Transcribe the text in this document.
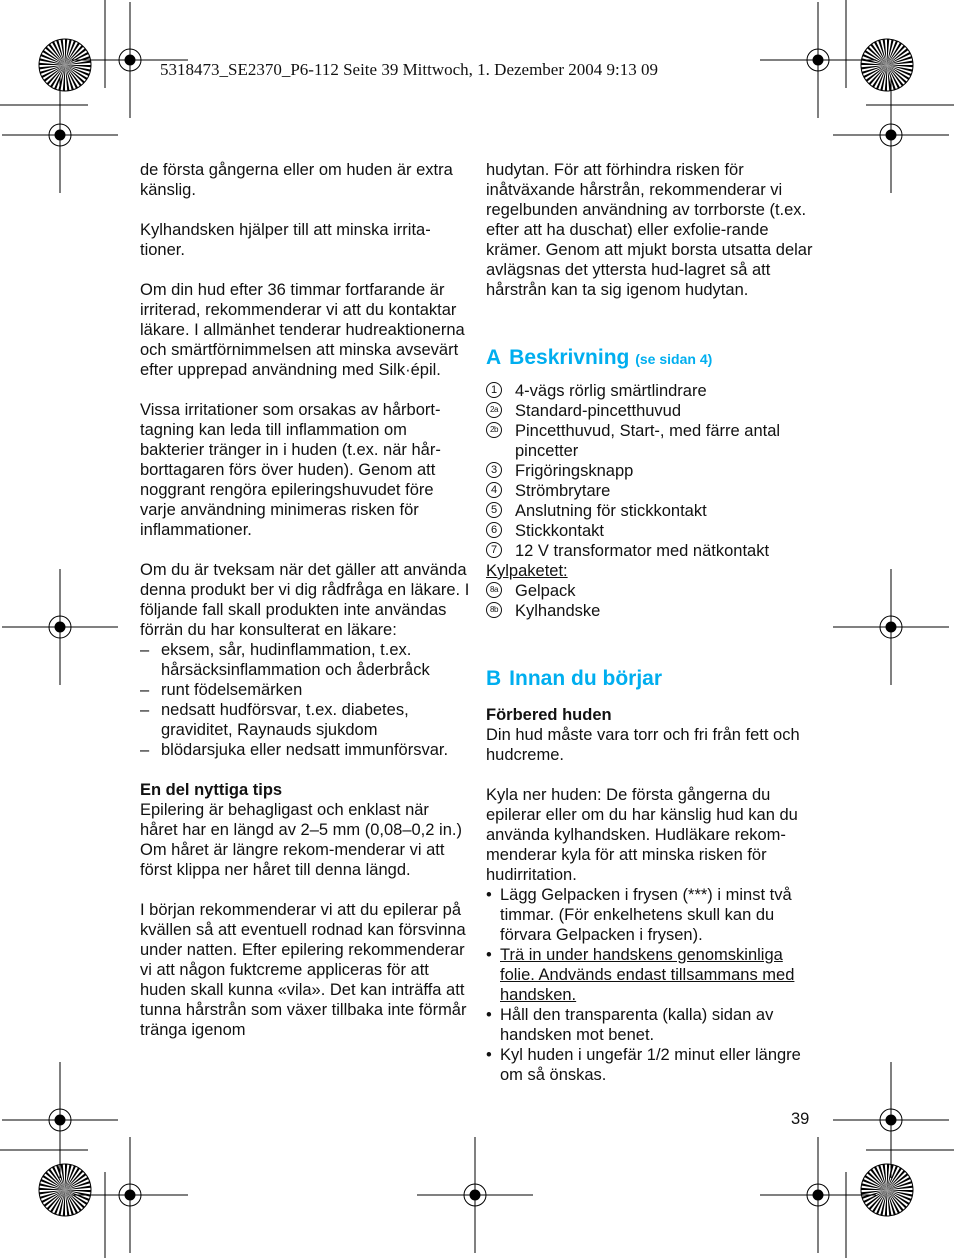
5318473_SE2370_P6-112 Seite 39 Mittwoch, 1. Dezember 2004 9:13 09

de första gångerna eller om huden är extra känslig.

Kylhandsken hjälper till att minska irrita-tioner.

Om din hud efter 36 timmar fortfarande är irriterad, rekommenderar vi att du kontaktar läkare. I allmänhet tenderar hudreaktionerna och smärtförnimmelsen att minska avsevärt efter upprepad användning med Silk·épil.

Vissa irritationer som orsakas av hårbort-tagning kan leda till inflammation om bakterier tränger in i huden (t.ex. när hår-borttagaren förs över huden). Genom att noggrant rengöra epileringshuvudet före varje användning minimeras risken för inflammationer.

Om du är tveksam när det gäller att använda denna produkt ber vi dig rådfråga en läkare. I följande fall skall produkten inte användas förrän du har konsulterat en läkare:

– eksem, sår, hudinflammation, t.ex. hårsäcksinflammation och åderbråck
– runt födelsemärken
– nedsatt hudförsvar, t.ex. diabetes, graviditet, Raynauds sjukdom
– blödarsjuka eller nedsatt immunförsvar.

En del nyttiga tips

Epilering är behagligast och enklast när håret har en längd av 2–5 mm (0,08–0,2 in.) Om håret är längre rekom-menderar vi att först klippa ner håret till denna längd.

I början rekommenderar vi att du epilerar på kvällen så att eventuell rodnad kan försvinna under natten. Efter epilering rekommenderar vi att någon fuktcreme appliceras för att huden skall kunna «vila». Det kan inträffa att tunna hårstrån som växer tillbaka inte förmår tränga igenom

hudytan. För att förhindra risken för inåtväxande hårstrån, rekommenderar vi regelbunden användning av torrborste (t.ex. efter att ha duschat) eller exfolie-rande krämer. Genom att mjukt borsta utsatta delar avlägsnas det yttersta hud-lagret så att hårstrån kan ta sig igenom hudytan.

A Beskrivning (se sidan 4)
1 4-vägs rörlig smärtlindrare
2a Standard-pincetthuvud
2b Pincetthuvud, Start-, med färre antal pincetter
3 Frigöringsknapp
4 Strömbrytare
5 Anslutning för stickkontakt
6 Stickkontakt
7 12 V transformator med nätkontakt

Kylpaketet:

8a Gelpack
8b Kylhandske
B Innan du börjar

Förbered huden

Din hud måste vara torr och fri från fett och hudcreme.

Kyla ner huden: De första gångerna du epilerar eller om du har känslig hud kan du använda kylhandsken. Hudläkare rekom-menderar kyla för att minska risken för hudirritation.

• Lägg Gelpacken i frysen (***) i minst två timmar. (För enkelhetens skull kan du förvara Gelpacken i frysen).
• Trä in under handskens genomskinliga folie. Andvänds endast tillsammans med handsken.
• Håll den transparenta (kalla) sidan av handsken mot benet.
• Kyl huden i ungefär 1/2 minut eller längre om så önskas.
39
